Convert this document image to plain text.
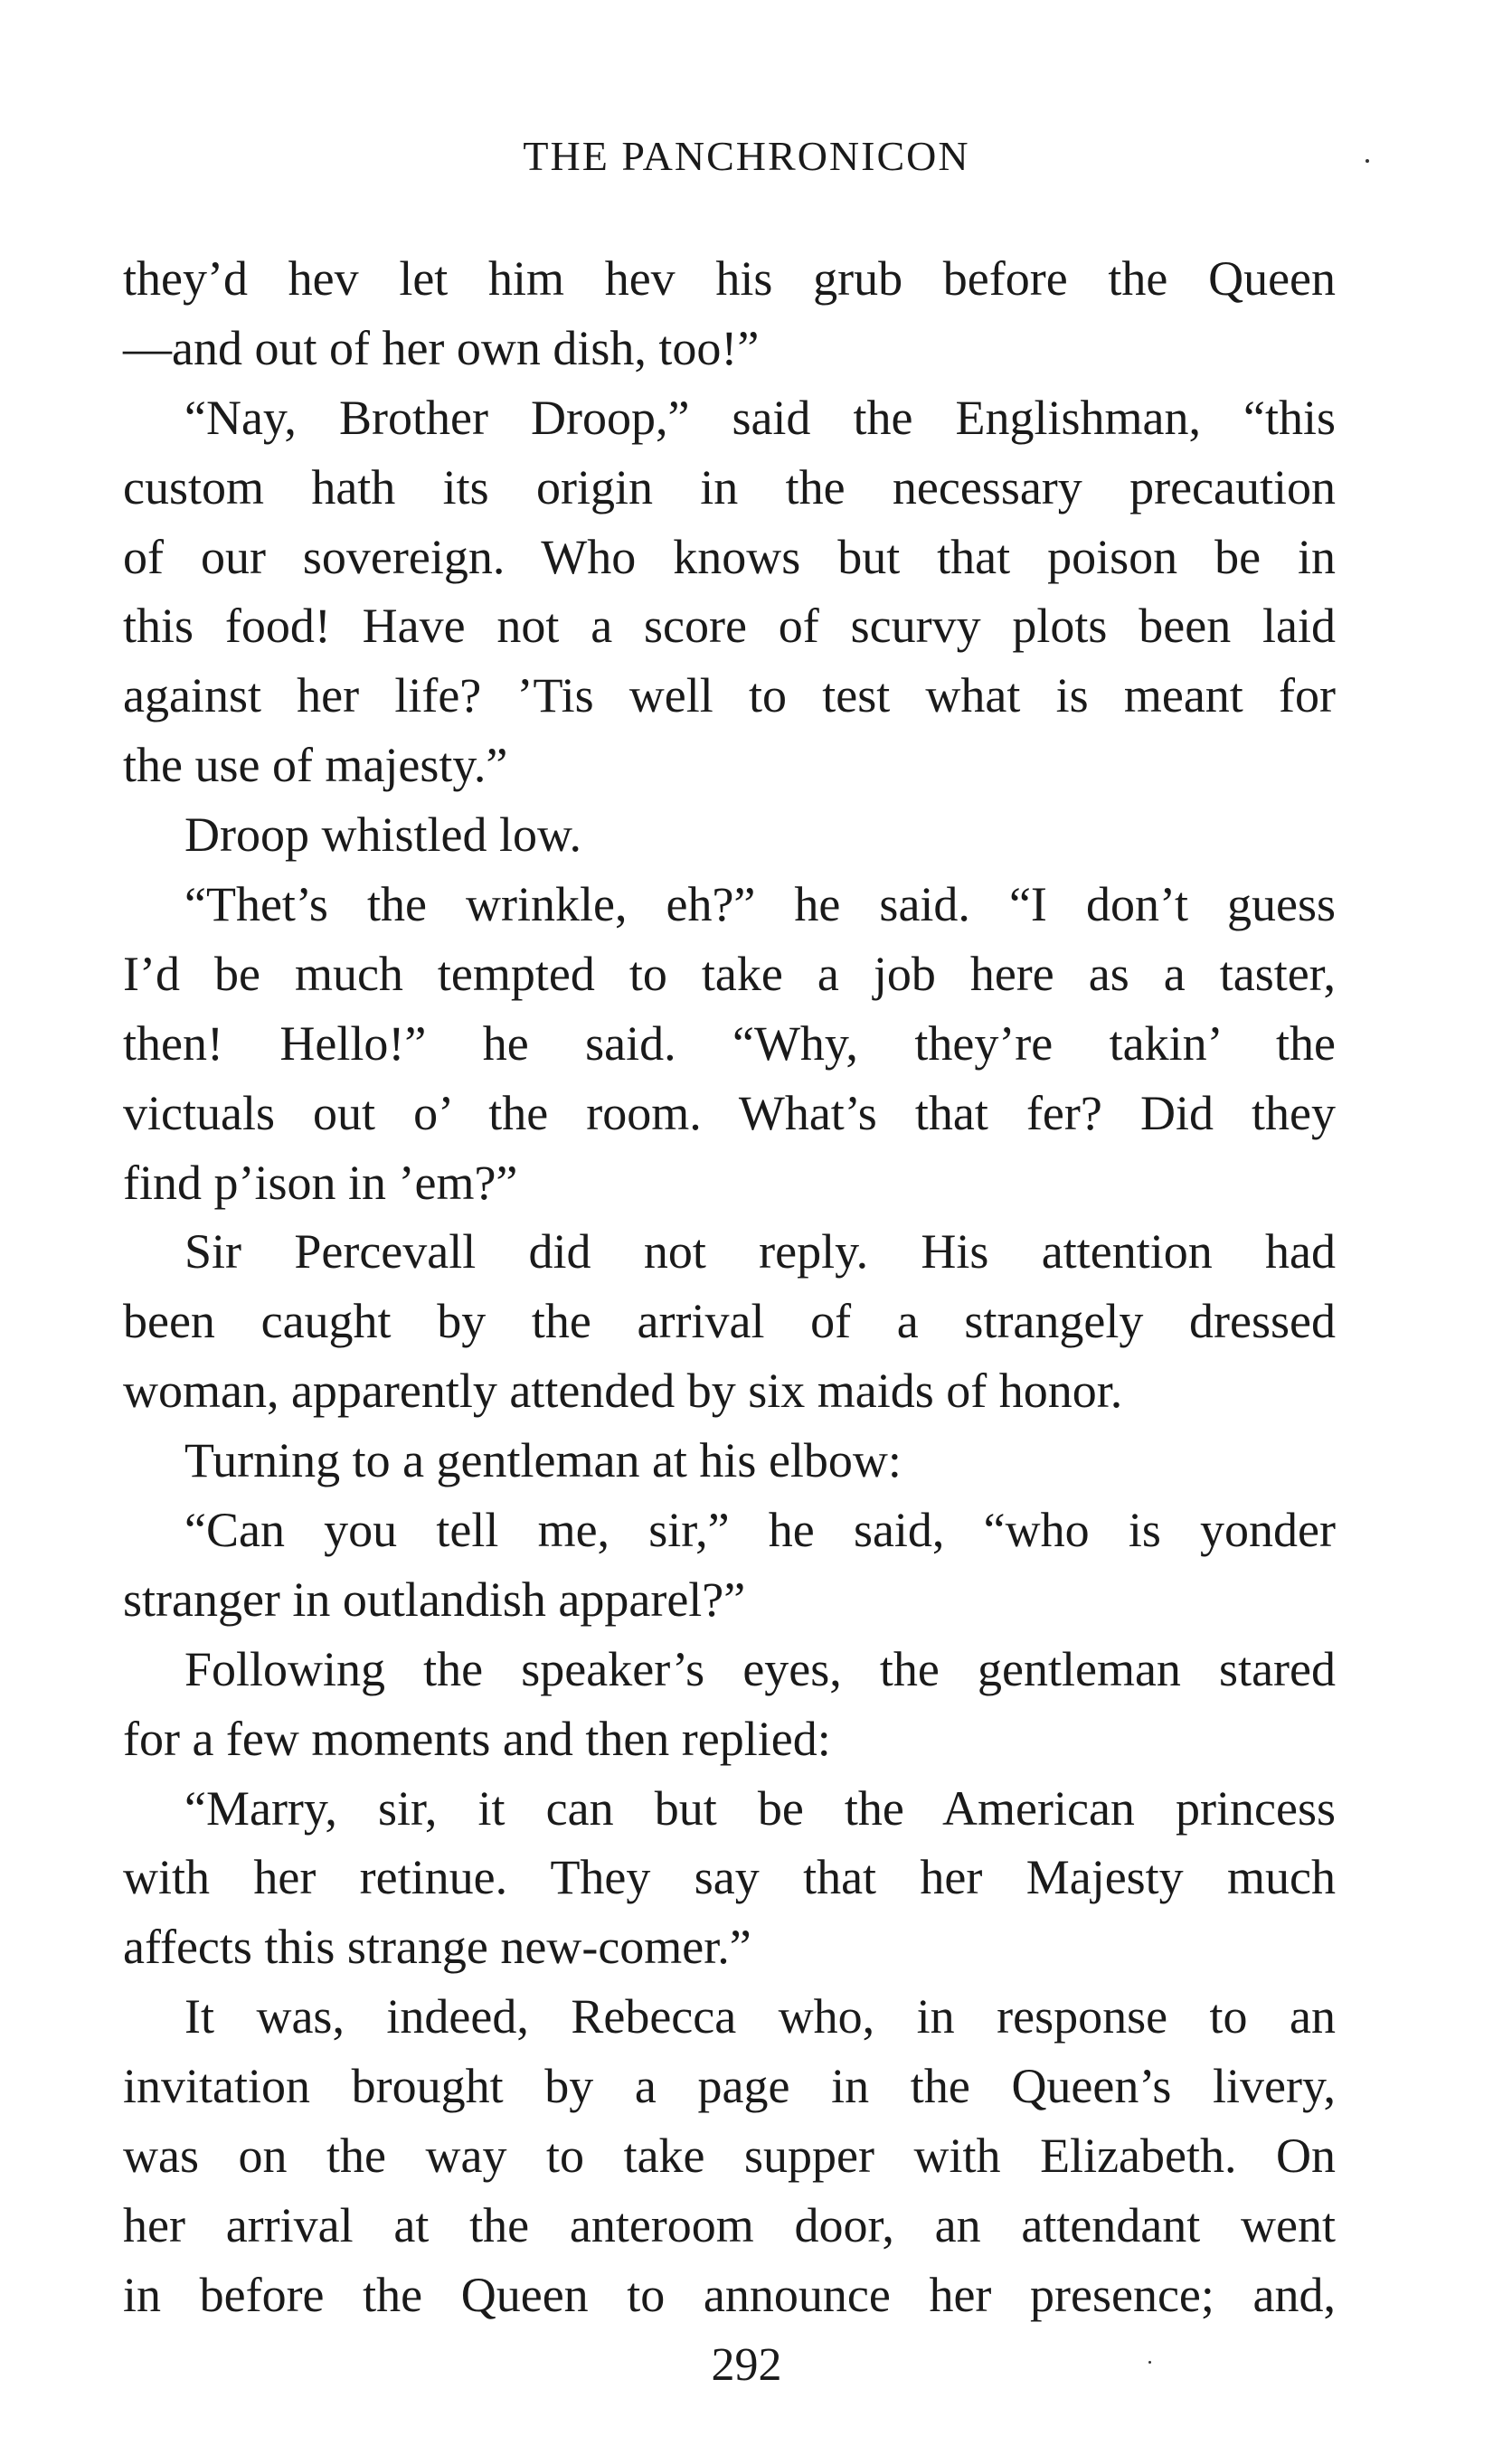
THE PANCHRONICON
they’d hev let him hev his grub before the Queen
—and out of her own dish, too!”
“Nay, Brother Droop,” said the Englishman, “this
custom hath its origin in the necessary precaution
of our sovereign. Who knows but that poison be in
this food! Have not a score of scurvy plots been laid
against her life? ’Tis well to test what is meant for
the use of majesty.”
Droop whistled low.
“Thet’s the wrinkle, eh?” he said. “I don’t guess
I’d be much tempted to take a job here as a taster,
then! Hello!” he said. “Why, they’re takin’ the
victuals out o’ the room. What’s that fer? Did they
find p’ison in ’em?”
Sir Percevall did not reply. His attention had
been caught by the arrival of a strangely dressed
woman, apparently attended by six maids of honor.
Turning to a gentleman at his elbow:
“Can you tell me, sir,” he said, “who is yonder
stranger in outlandish apparel?”
Following the speaker’s eyes, the gentleman stared
for a few moments and then replied:
“Marry, sir, it can but be the American princess
with her retinue. They say that her Majesty much
affects this strange new-comer.”
It was, indeed, Rebecca who, in response to an
invitation brought by a page in the Queen’s livery,
was on the way to take supper with Elizabeth. On
her arrival at the anteroom door, an attendant went
in before the Queen to announce her presence; and,
292
